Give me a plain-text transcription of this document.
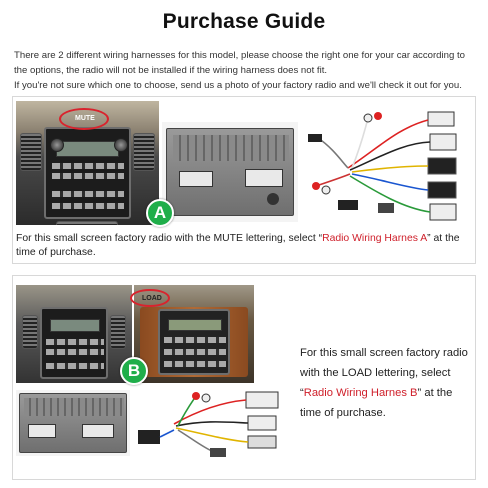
Purchase Guide

There are 2 different wiring harnesses for this model, please choose the right one for your car according to

the options, the radio will not be installed if the wiring harness does not fit.

If you're not sure which one to choose, send us a photo of your factory radio and we'll check it out for you.

MUTE
A
For this small screen factory radio with the MUTE lettering, select “Radio Wiring Harnes A” at the time of purchase.
LOAD
B
For this small screen factory radio with the LOAD lettering, select “Radio Wiring Harnes B” at the time of purchase.
